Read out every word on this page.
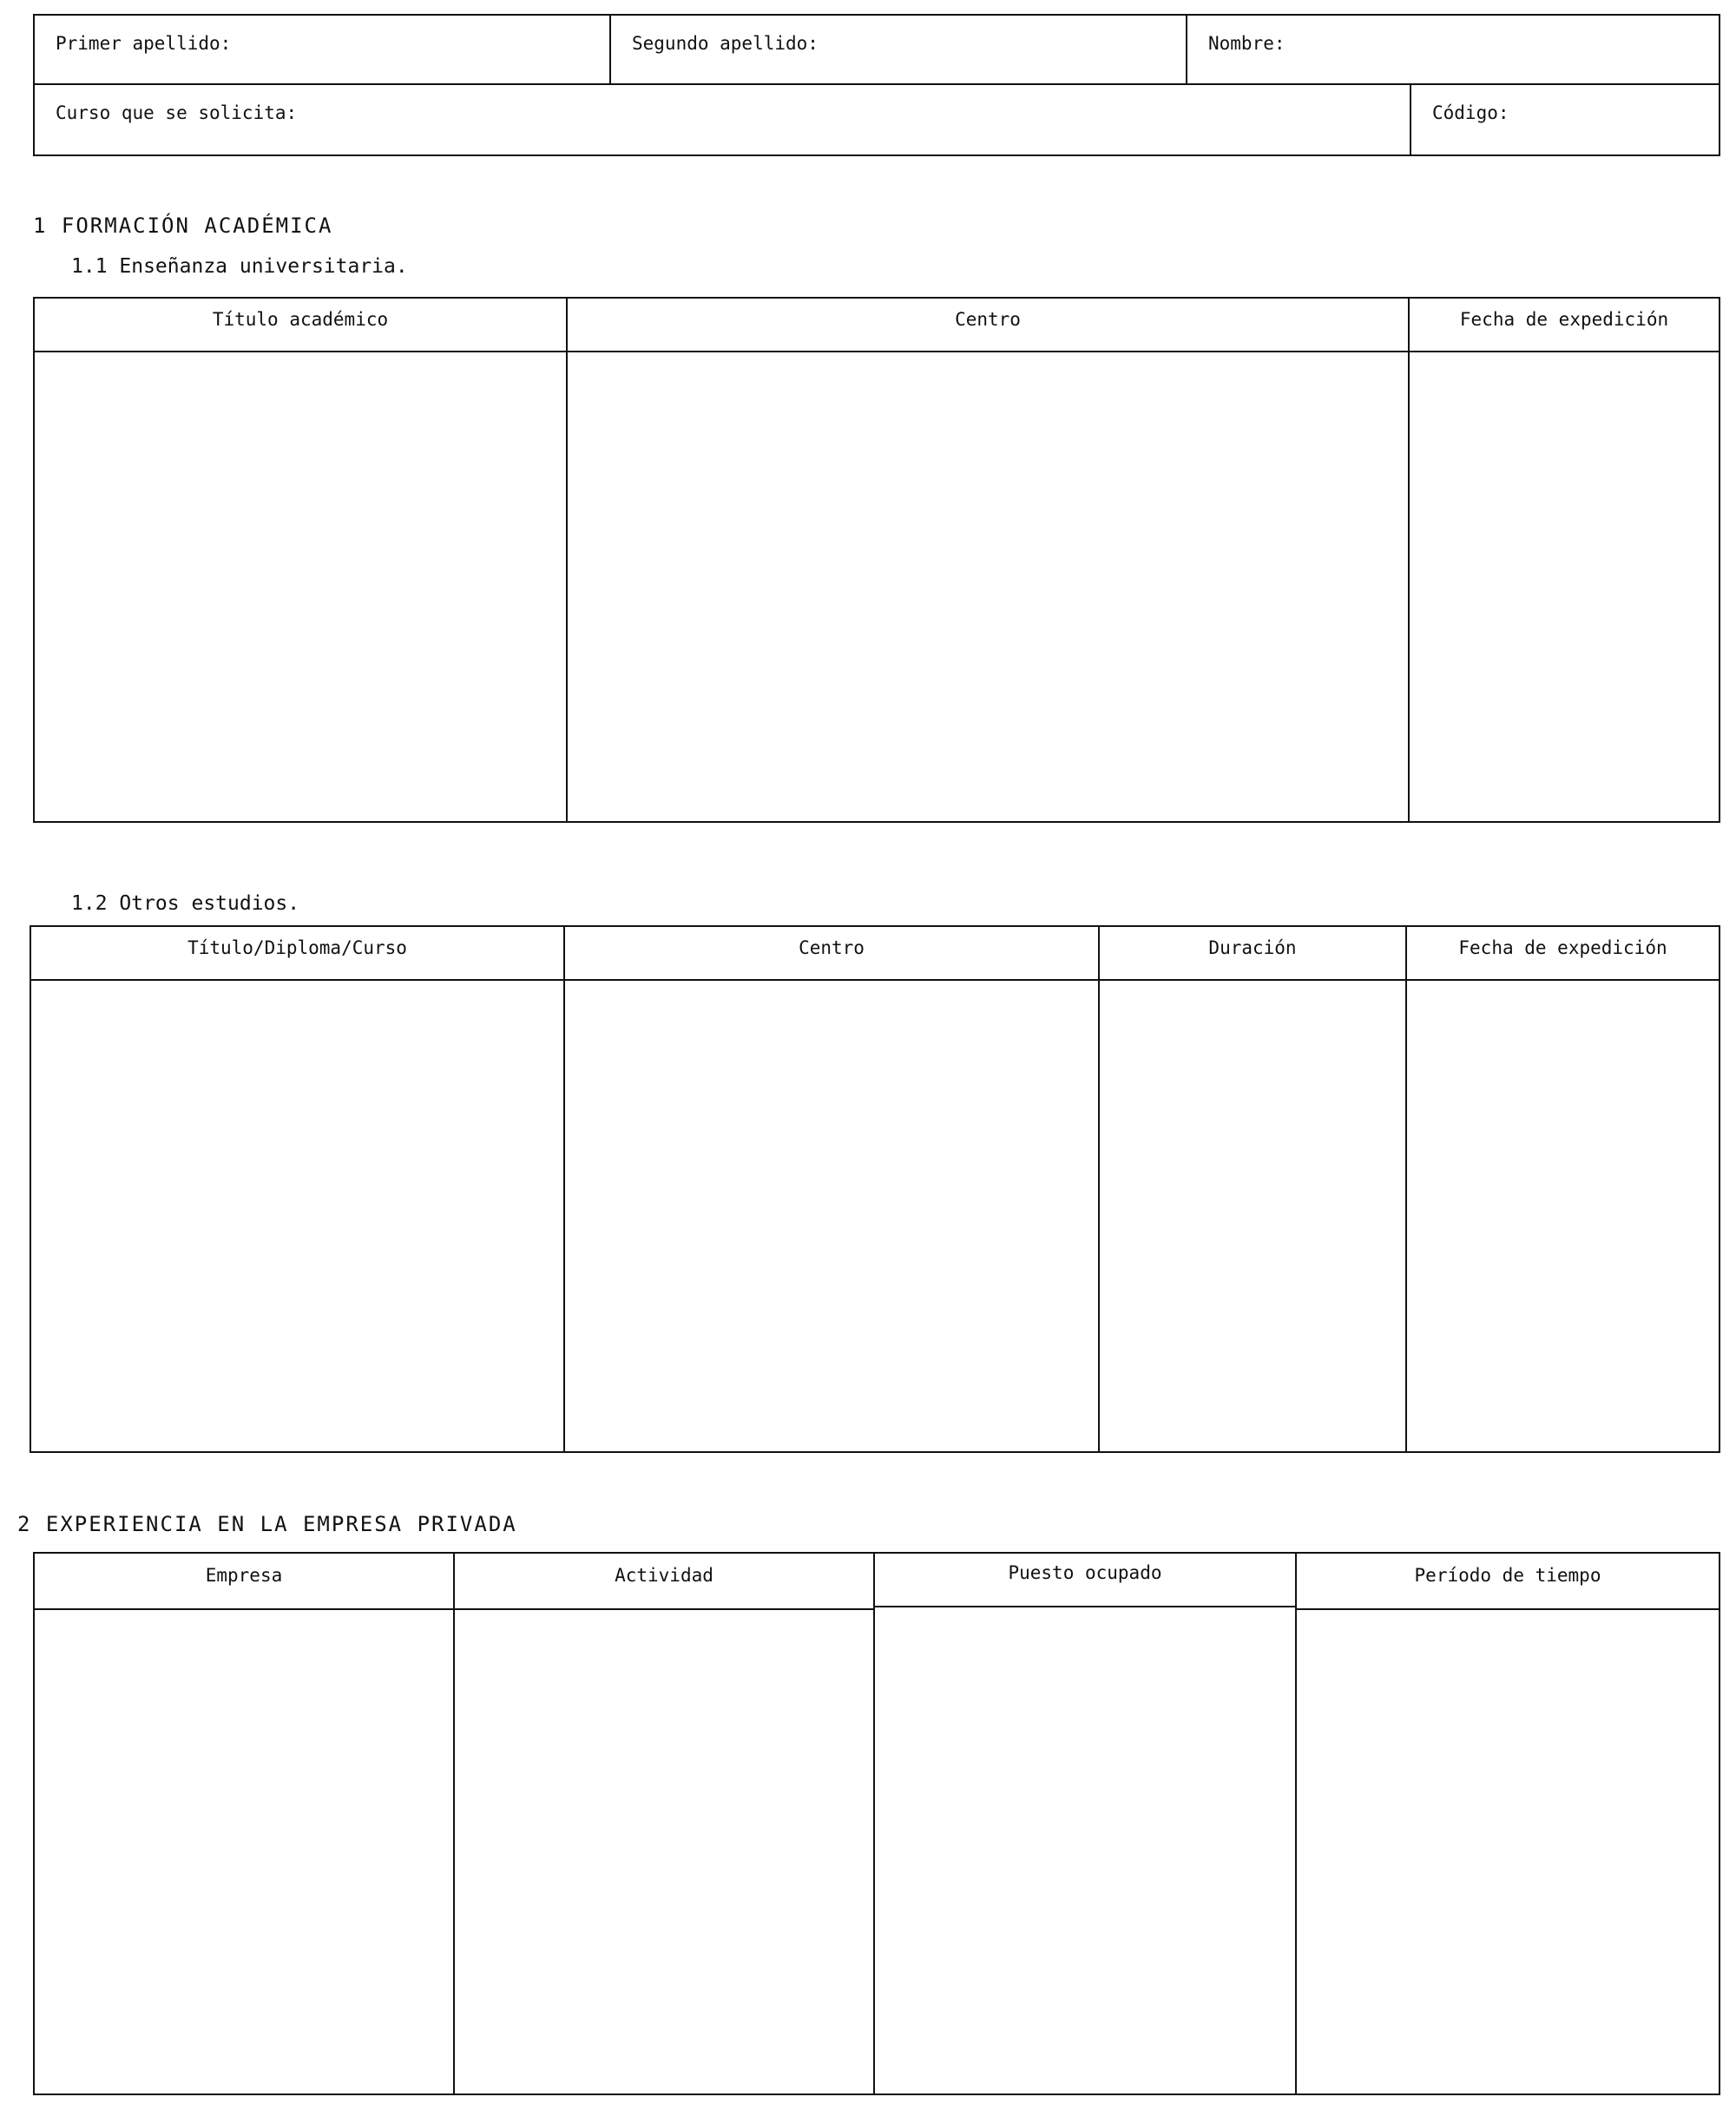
Primer apellido:	Segundo apellido:	Nombre:
Curso que se solicita:	Código:
1 FORMACIÓN ACADÉMICA
1.1 Enseñanza universitaria.
Título académico	Centro	Fecha de expedición
1.2 Otros estudios.
Título/Diploma/Curso	Centro	Duración	Fecha de expedición
2 EXPERIENCIA EN LA EMPRESA PRIVADA
Empresa	Actividad	Puesto ocupado	Período de tiempo
